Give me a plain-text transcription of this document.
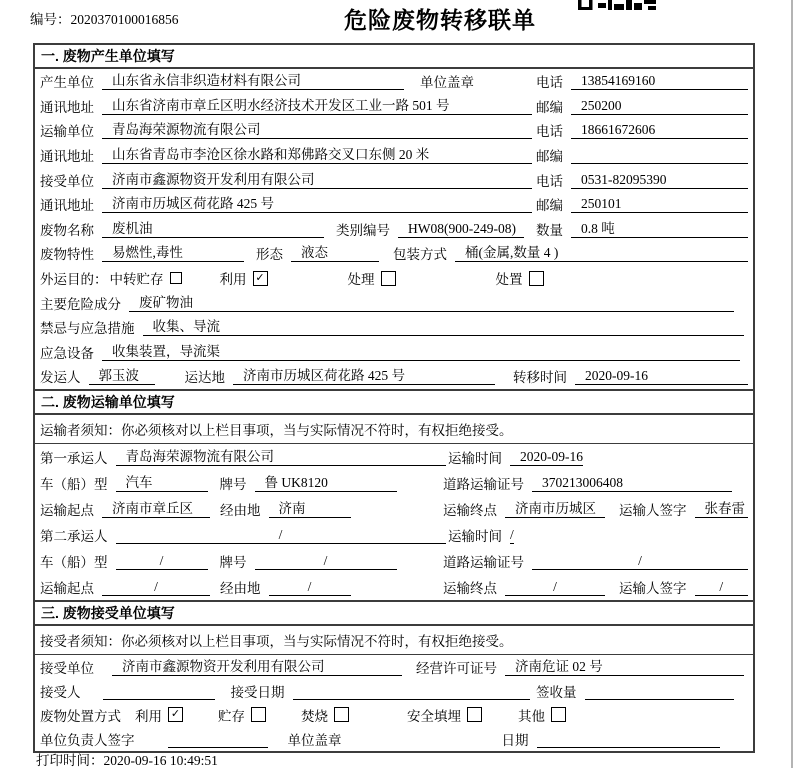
编号：2020370100016856	危险废物转移联单
一. 废物产生单位填写
产生单位	山东省永信非织造材料有限公司	单位盖章	电话	13854169160
通讯地址	山东省济南市章丘区明水经济技术开发区工业一路 501 号	邮编	250200
运输单位	青岛海荣源物流有限公司	电话	18661672606
通讯地址	山东省青岛市李沧区徐水路和郑佛路交叉口东侧 20 米	邮编
接受单位	济南市鑫源物资开发利用有限公司	电话	0531-82095390
通讯地址	济南市历城区荷花路 425 号	邮编	250101
废物名称	废机油	类别编号	HW08(900-249-08)	数量	0.8 吨
废物特性	易燃性,毒性	形态	液态	包装方式	桶(金属,数量 4 )
外运目的： 中转贮存	利用 ✓	处理	处置
主要危险成分	废矿物油
禁忌与应急措施	收集、导流
应急设备	收集装置，导流渠
发运人	郭玉波	运达地	济南市历城区荷花路 425 号	转移时间	2020-09-16
二. 废物运输单位填写
运输者须知：你必须核对以上栏目事项，当与实际情况不符时，有权拒绝接受。
第一承运人	青岛海荣源物流有限公司	运输时间	2020-09-16
车（船）型	汽车	牌号	鲁 UK8120	道路运输证号	370213006408
运输起点	济南市章丘区	经由地	济南	运输终点	济南市历城区	运输人签字	张春雷
第二承运人	/	运输时间 /
车（船）型	/	牌号	/	道路运输证号	/
运输起点	/	经由地	/	运输终点	/	运输人签字	/
三. 废物接受单位填写
接受者须知：你必须核对以上栏目事项，当与实际情况不符时，有权拒绝接受。
接受单位	济南市鑫源物资开发利用有限公司	经营许可证号	济南危证 02 号
接受人	接受日期	签收量
废物处置方式 利用 ✓	贮存	焚烧	安全填埋	其他
单位负责人签字	单位盖章	日期
打印时间：2020-09-16 10:49:51
